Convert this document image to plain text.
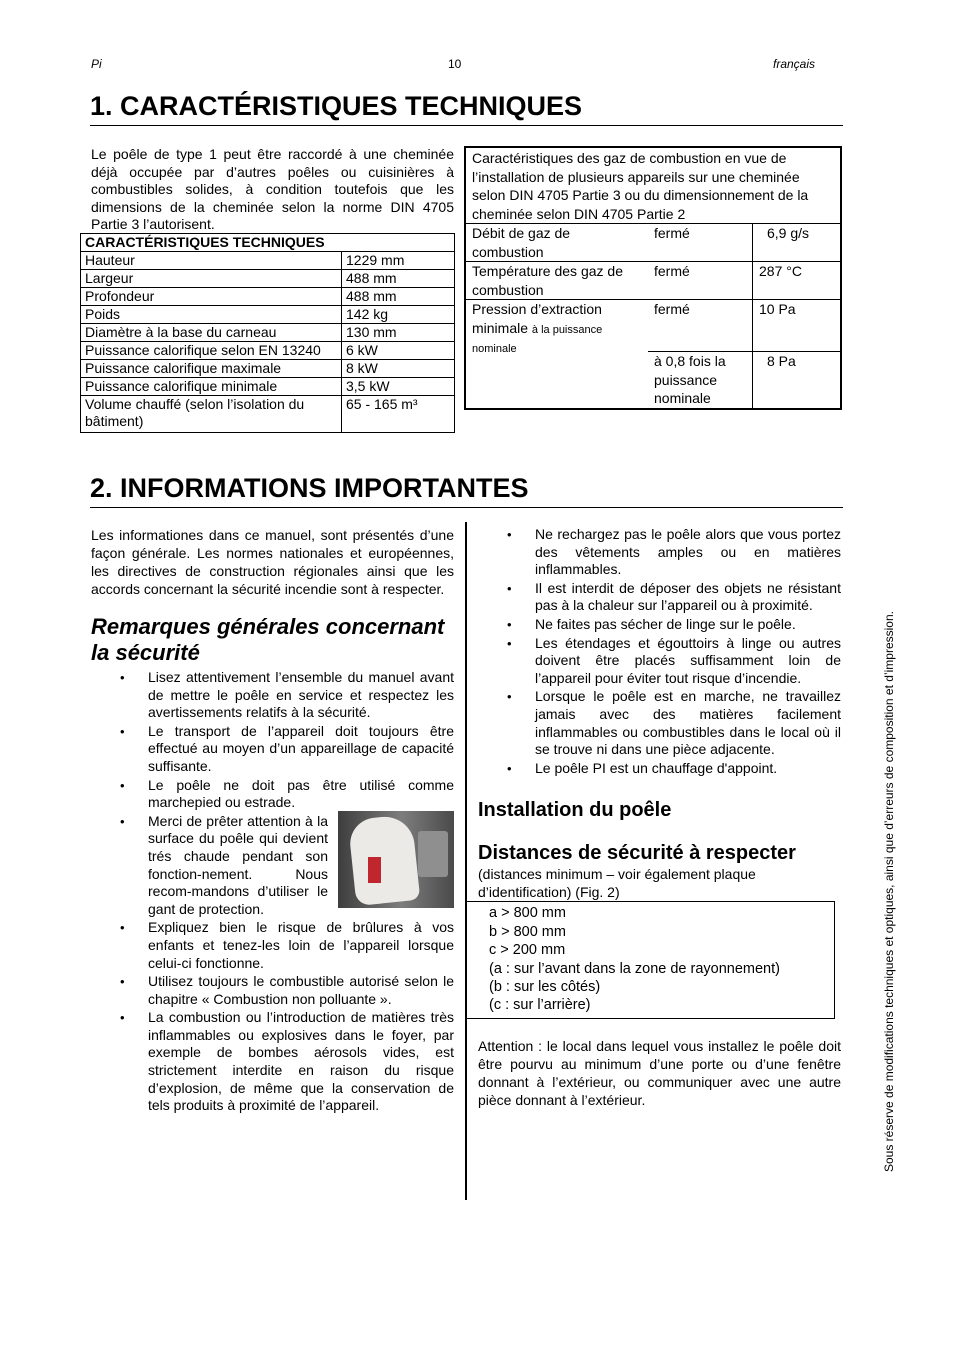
Pi	10	français
1. CARACTÉRISTIQUES TECHNIQUES
Le poêle de type 1 peut être raccordé à une cheminée déjà occupée par d’autres poêles ou cuisinières à combustibles solides, à condition toutefois que les dimensions de la cheminée selon la norme DIN 4705 Partie 3 l’autorisent.
CARACTÉRISTIQUES TECHNIQUES	
Hauteur	1229 mm
Largeur	488 mm
Profondeur	488 mm
Poids	142 kg
Diamètre à la base du carneau	130 mm
Puissance calorifique selon EN 13240	6 kW
Puissance calorifique maximale	8 kW
Puissance calorifique minimale	3,5 kW
Volume chauffé (selon l’isolation du bâtiment)	65 - 165 m³
Caractéristiques des gaz de combustion en vue de l’installation de plusieurs appareils sur une cheminée selon DIN 4705 Partie 3 ou du dimensionnement de la cheminée selon DIN 4705 Partie 2		
Débit de gaz de combustion	fermé	6,9 g/s
Température des gaz de combustion	fermé	287 °C
Pression d’extraction minimale à la puissance nominale	fermé	10 Pa
	à 0,8 fois la puissance nominale	8 Pa
2. INFORMATIONS IMPORTANTES
Les informationes dans ce manuel, sont présentés d’une façon générale. Les normes nationales et européennes, les directives de construction régionales ainsi que les accords concernant la sécurité incendie sont à respecter.
Remarques générales concernant la sécurité
• Lisez attentivement l’ensemble du manuel avant de mettre le poêle en service et respectez les avertissements relatifs à la sécurité.
• Le transport de l’appareil doit toujours être effectué au moyen d’un appareillage de capacité suffisante.
• Le poêle ne doit pas être utilisé comme marchepied ou estrade.
• Merci de prêter attention à la surface du poêle qui devient trés chaude pendant son fonction-nement. Nous recom-mandons d’utiliser le gant de protection.
• Expliquez bien le risque de brûlures à vos enfants et tenez-les loin de l’appareil lorsque celui-ci fonctionne.
• Utilisez toujours le combustible autorisé selon le chapitre « Combustion non polluante ».
• La combustion ou l’introduction de matières très inflammables ou explosives dans le foyer, par exemple de bombes aérosols vides, est strictement interdite en raison du risque d’explosion, de même que la conservation de tels produits à proximité de l’appareil.
• Ne rechargez pas le poêle alors que vous portez des vêtements amples ou en matières inflammables.
• Il est interdit de déposer des objets ne résistant pas à la chaleur sur l’appareil ou à proximité.
• Ne faites pas sécher de linge sur le poêle.
• Les étendages et égouttoirs à linge ou autres doivent être placés suffisamment loin de l’appareil pour éviter tout risque d’incendie.
• Lorsque le poêle est en marche, ne travaillez jamais avec des matières facilement inflammables ou combustibles dans le local où il se trouve ni dans une pièce adjacente.
• Le poêle PI est un chauffage d'appoint.
Installation du poêle
Distances de sécurité à respecter
(distances minimum – voir également plaque d’identification) (Fig. 2)
a > 800 mm
b > 800 mm
c > 200 mm
(a : sur l’avant dans la zone de rayonnement)
(b : sur les côtés)
(c : sur l’arrière)
Attention : le local dans lequel vous installez le poêle doit être pourvu au minimum d’une porte ou d’une fenêtre donnant à l’extérieur, ou communiquer avec une autre pièce donnant à l’extérieur.	Sous réserve de modifications techniques et optiques, ainsi que d’erreurs de composition et d’impression.
